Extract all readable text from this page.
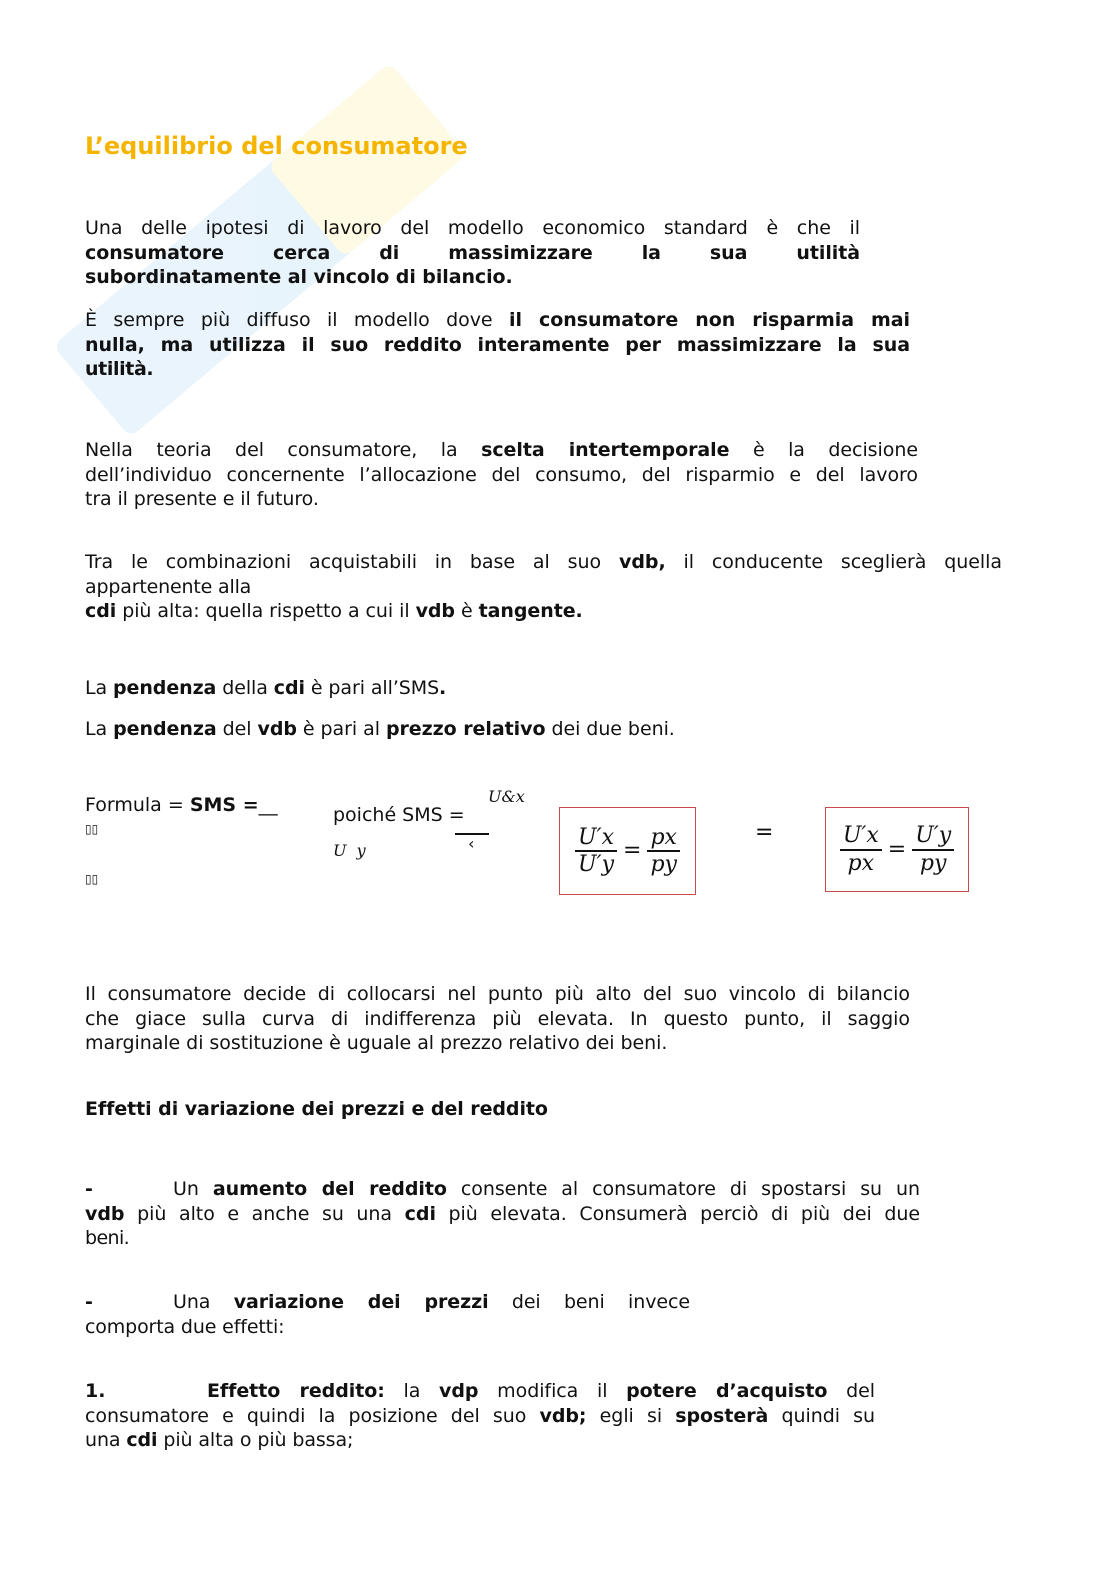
L’equilibrio del consumatore
Una delle ipotesi di lavoro del modello economico standard è che il
consumatore cerca di massimizzare la sua utilità
subordinatamente al vincolo di bilancio.
È sempre più diffuso il modello dove il consumatore non risparmia mai
nulla, ma utilizza il suo reddito interamente per massimizzare la sua
utilità.
Nella teoria del consumatore, la scelta intertemporale è la decisione
dell’individuo concernente l’allocazione del consumo, del risparmio e del lavoro
tra il presente e il futuro.
Tra le combinazioni acquistabili in base al suo vdb, il conducente sceglierà quella
appartenente alla
cdi più alta: quella rispetto a cui il vdb è tangente.
La pendenza della cdi è pari all’SMS.
La pendenza del vdb è pari al prezzo relativo dei due beni.
Il consumatore decide di collocarsi nel punto più alto del suo vincolo di bilancio
che giace sulla curva di indifferenza più elevata. In questo punto, il saggio
marginale di sostituzione è uguale al prezzo relativo dei beni.
Effetti di variazione dei prezzi e del reddito
-	Un aumento del reddito consente al consumatore di spostarsi su un
vdb più alto e anche su una cdi più elevata. Consumerà perciò di più dei due
beni.
-	Una variazione dei prezzi dei beni invece
comporta due effetti:
1.	Effetto reddito: la vdp modifica il potere d’acquisto del
consumatore e quindi la posizione del suo vdb; egli si sposterà quindi su
una cdi più alta o più bassa;
Formula = SMS =__
▯▯
▯▯
poiché SMS =
U&x
U  y	‹	$\frac{U'x}{U'y} = \frac{px}{py}$	=	$\frac{U'x}{px} = \frac{U'y}{py}$
